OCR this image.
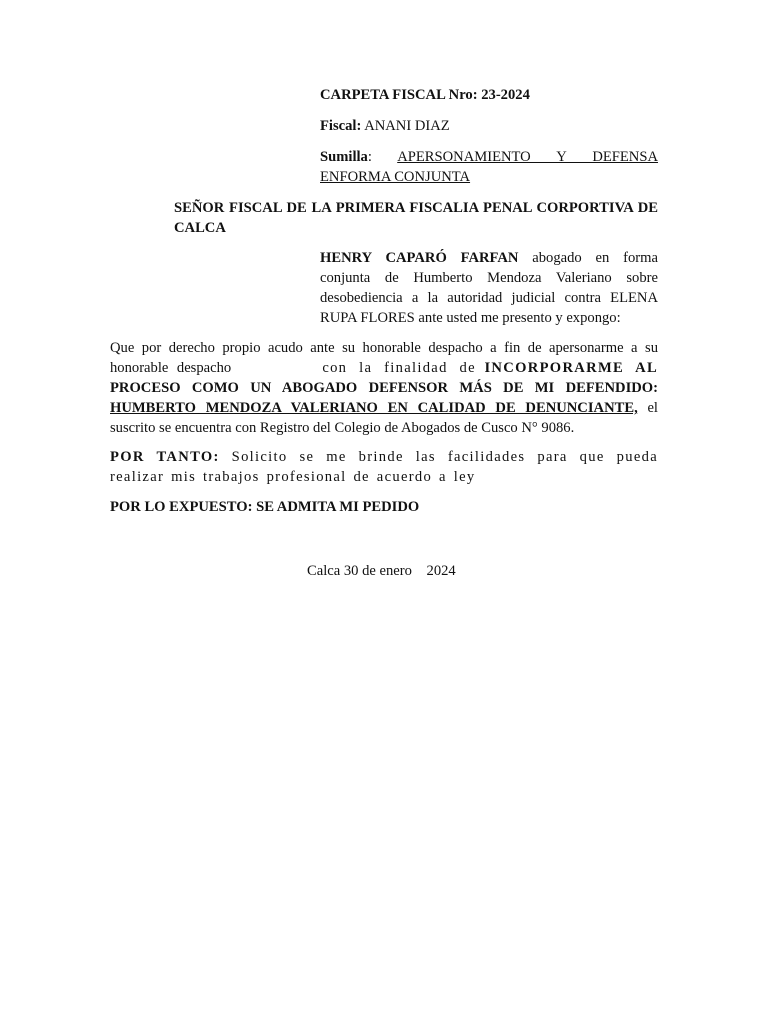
CARPETA FISCAL Nro: 23-2024
Fiscal: ANANI DIAZ
Sumilla: APERSONAMIENTO Y DEFENSA ENFORMA CONJUNTA
SEÑOR FISCAL DE LA PRIMERA FISCALIA PENAL CORPORTIVA DE CALCA
HENRY CAPARÓ FARFAN abogado en forma conjunta de Humberto Mendoza Valeriano sobre desobediencia a la autoridad judicial contra ELENA RUPA FLORES ante usted me presento y expongo:
Que por derecho propio acudo ante su honorable despacho a fin de apersonarme a su
honorable despacho	con la finalidad de INCORPORARME AL
PROCESO COMO UN ABOGADO DEFENSOR MÁS DE MI DEFENDIDO:
HUMBERTO MENDOZA VALERIANO EN CALIDAD DE DENUNCIANTE, el
suscrito se encuentra con Registro del Colegio de Abogados de Cusco N° 9086.
POR TANTO: Solicito se me brinde las facilidades para que pueda
realizar mis trabajos profesional de acuerdo a ley
POR LO EXPUESTO: SE ADMITA MI PEDIDO
Calca 30 de enero    2024
